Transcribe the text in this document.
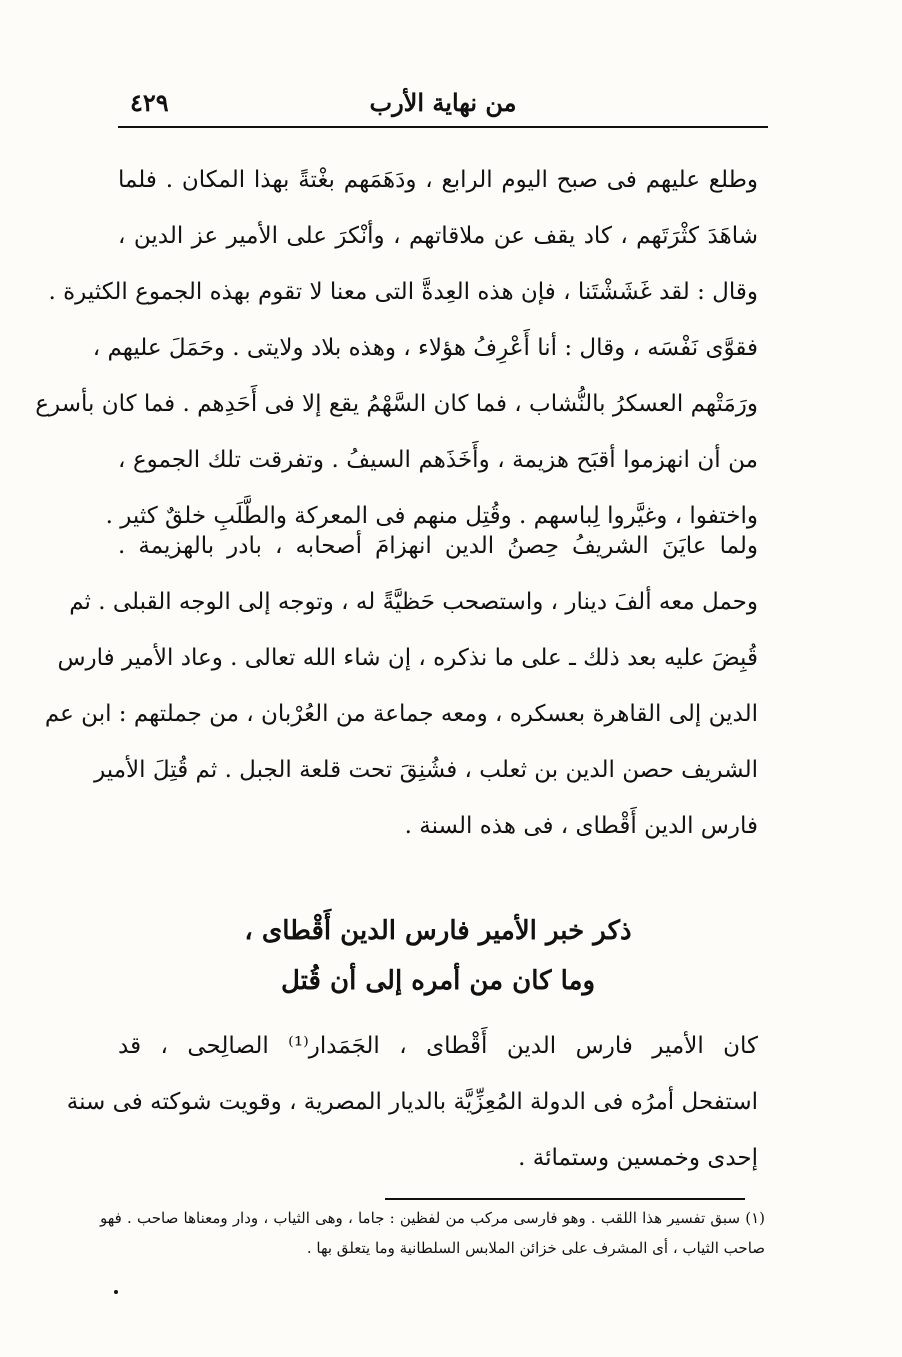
٤٢٩	من نهاية الأرب
وطلع عليهم فى صبح اليوم الرابع ، ودَهَمَهم بغْتةً بهذا المكان . فلما
شاهَدَ كثْرَتَهم ، كاد يقف عن ملاقاتهم ، وأنْكرَ على الأمير عز الدين ،
وقال : لقد غَشَشْتَنا ، فإن هذه العِدةَّ التى معنا لا تقوم بهذه الجموع الكثيرة .
فقوَّى نَفْسَه ، وقال : أنا أَعْرِفُ هؤلاء ، وهذه بلاد ولايتى . وحَمَلَ عليهم ،
ورَمَتْهم العسكرُ بالنُّشاب ، فما كان السَّهْمُ يقع إلا فى أَحَدِهم . فما كان بأسرع
من أن انهزموا أقبَح هزيمة ، وأَخَذَهم السيفُ . وتفرقت تلك الجموع ،
واختفوا ، وغيَّروا لِباسهم . وقُتِل منهم فى المعركة والطَّلَبِ خلقٌ كثير .
ولما عايَنَ الشريفُ حِصنُ الدين انهزامَ أصحابه ، بادر بالهزيمة .
وحمل معه ألفَ دينار ، واستصحب حَظيَّةً له ، وتوجه إلى الوجه القبلى . ثم
قُبِضَ عليه بعد ذلك ـ على ما نذكره ، إن شاء الله تعالى . وعاد الأمير فارس
الدين إلى القاهرة بعسكره ، ومعه جماعة من العُرْبان ، من جملتهم : ابن عم
الشريف حصن الدين بن ثعلب ، فشُنِقَ تحت قلعة الجبل . ثم قُتِلَ الأمير
فارس الدين أَقْطاى ، فى هذه السنة .
ذكر خبر الأمير فارس الدين أَقْطاى ،
وما كان من أمره إلى أن قُتل
كان الأمير فارس الدين أَقْطاى ، الجَمَدار⁽¹⁾ الصالِحى ، قد
استفحل أمرُه فى الدولة المُعِزِّيَّة بالديار المصرية ، وقويت شوكته فى سنة
إحدى وخمسين وستمائة .
(١) سبق تفسير هذا اللقب . وهو فارسى مركب من لفظين : جاما ، وهى الثياب ، ودار ومعناها صاحب . فهو
صاحب الثياب ، أى المشرف على خزائن الملابس السلطانية وما يتعلق بها .
